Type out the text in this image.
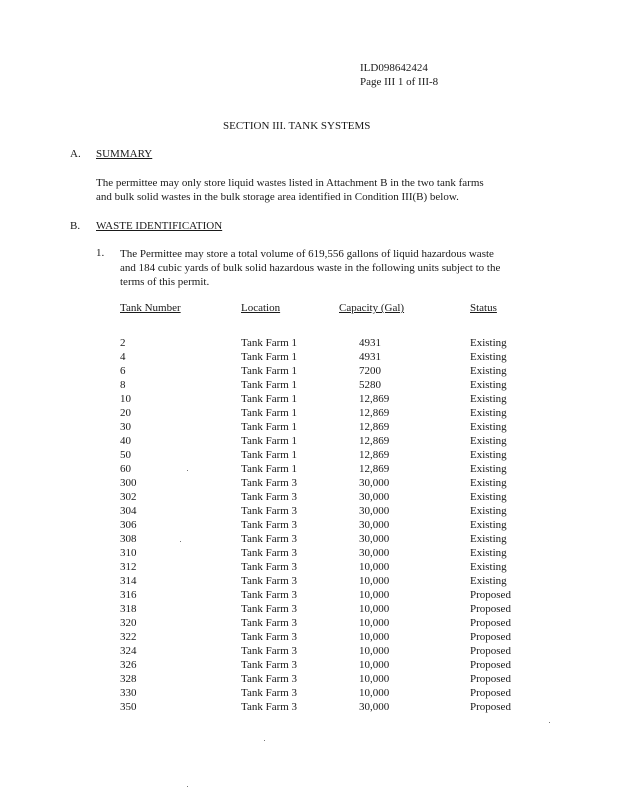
ILD098642424
Page III 1 of III-8
SECTION III. TANK SYSTEMS
A. SUMMARY
The permittee may only store liquid wastes listed in Attachment B in the two tank farms
and bulk solid wastes in the bulk storage area identified in Condition III(B) below.
B. WASTE IDENTIFICATION
1. The Permittee may store a total volume of 619,556 gallons of liquid hazardous waste
and 184 cubic yards of bulk solid hazardous waste in the following units subject to the
terms of this permit.
Tank Number	Location	Capacity (Gal)	Status

2	Tank Farm 1	4931	Existing
4	Tank Farm 1	4931	Existing
6	Tank Farm 1	7200	Existing
8	Tank Farm 1	5280	Existing
10	Tank Farm 1	12,869	Existing
20	Tank Farm 1	12,869	Existing
30	Tank Farm 1	12,869	Existing
40	Tank Farm 1	12,869	Existing
50	Tank Farm 1	12,869	Existing
60	Tank Farm 1	12,869	Existing
300	Tank Farm 3	30,000	Existing
302	Tank Farm 3	30,000	Existing
304	Tank Farm 3	30,000	Existing
306	Tank Farm 3	30,000	Existing
308	Tank Farm 3	30,000	Existing
310	Tank Farm 3	30,000	Existing
312	Tank Farm 3	10,000	Existing
314	Tank Farm 3	10,000	Existing
316	Tank Farm 3	10,000	Proposed
318	Tank Farm 3	10,000	Proposed
320	Tank Farm 3	10,000	Proposed
322	Tank Farm 3	10,000	Proposed
324	Tank Farm 3	10,000	Proposed
326	Tank Farm 3	10,000	Proposed
328	Tank Farm 3	10,000	Proposed
330	Tank Farm 3	10,000	Proposed
350	Tank Farm 3	30,000	Proposed
